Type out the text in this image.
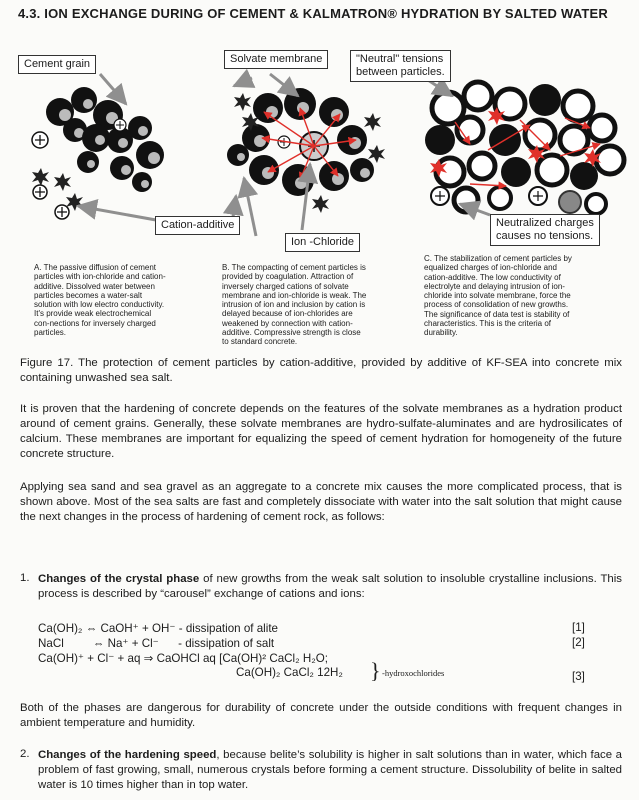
4.3. ION EXCHANGE DURING OF CEMENT & KALMATRON® HYDRATION BY SALTED WATER
Cement grain	Solvate membrane	"Neutral" tensions
between particles.
Cation-additive
Ion -Chloride
Neutralized charges
causes no tensions.
A. The passive diffusion of cement
particles with ion-chloride and cation-
additive. Dissolved water between
particles becomes a water-salt
solution with low electro conductivity.
It's provide weak electrochemical
con-nections for inversely charged
particles.
B. The compacting of cement particles is
provided by coagulation. Attraction of
inversely charged cations of solvate
membrane and ion-chloride is weak. The
intrusion of ion and inclusion by cation is
delayed because of ion-chlorides are
weakened by connection with cation-
additive. Compressive strength is close
to standard concrete.
C. The stabilization of cement particles by
equalized charges of ion-chloride and
cation-additive. The low conductivity of
electrolyte and delaying intrusion of ion-
chloride into solvate membrane, force the
process of consolidation of new growths.
The significance of data test is stability of
characteristics. This is the criteria of
durability.
Figure 17. The protection of cement particles by cation-additive, provided by additive of KF-SEA into concrete mix containing unwashed sea salt.
It is proven that the hardening of concrete depends on the features of the solvate membranes as a hydration product around of cement grains. Generally, these solvate membranes are hydro-sulfate-aluminates and are hydrosilicates of calcium. These membranes are important for equalizing the speed of cement hydration for homogeneity of the future concrete structure.
Applying sea sand and sea gravel as an aggregate to a concrete mix causes the more complicated process, that is shown above. Most of the sea salts are fast and completely dissociate with water into the salt solution that might cause the next changes in the process of hardening of cement rock, as follows:
1. Changes of the crystal phase of new growths from the weak salt solution to insoluble crystalline inclusions. This process is described by “carousel” exchange of cations and ions:
Ca(OH)₂ ⇔ CaOH⁺ + OH⁻ - dissipation of alite	[1]
NaCl         ⇔ Na⁺ + Cl⁻      - dissipation of salt	[2]
Ca(OH)⁺ + Cl⁻ + aq ⇒ CaOHCl aq [Ca(OH)² CaCl₂ H₂O;
Ca(OH)₂ CaCl₂ 12H₂ } -hydroxochlorides	[3]
Both of the phases are dangerous for durability of concrete under the outside conditions with frequent changes in ambient temperature and humidity.
2. Changes of the hardening speed, because belite’s solubility is higher in salt solutions than in water, which face a problem of fast growing, small, numerous crystals before forming a cement structure. Dissolubility of belite in salted water is 10 times higher than in top water.
